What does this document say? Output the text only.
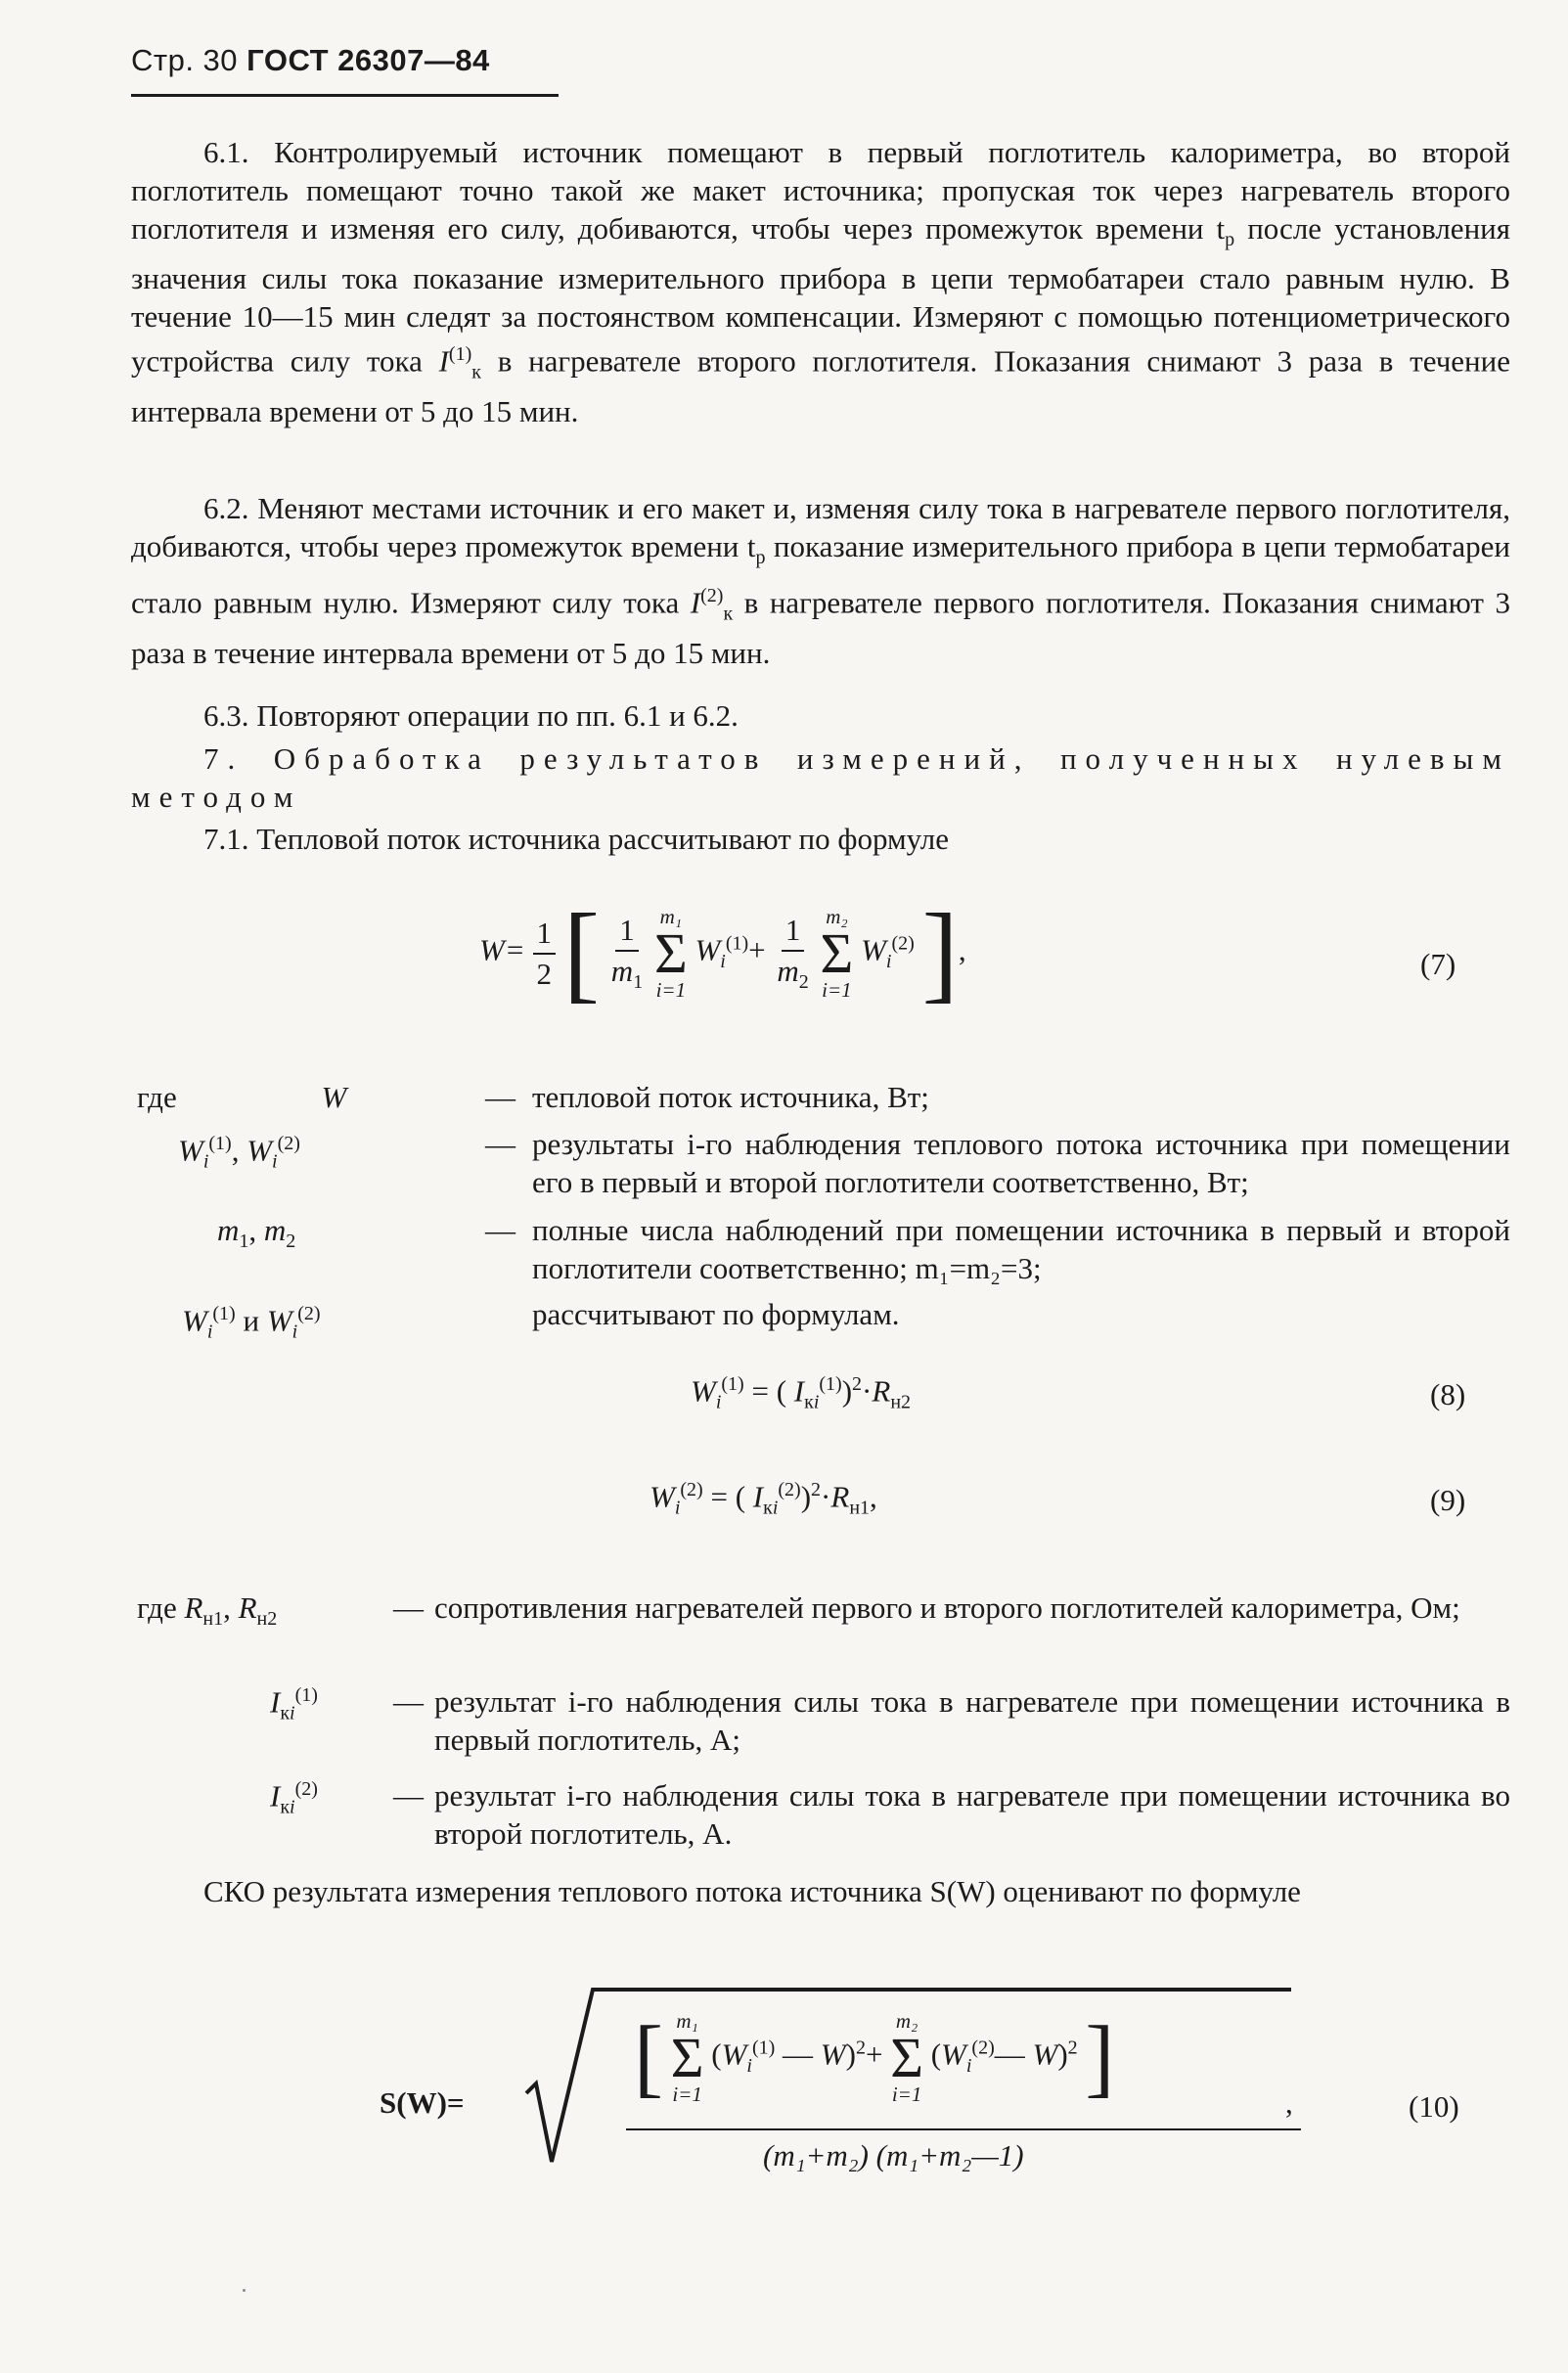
Стр. 30 ГОСТ 26307—84
6.1. Контролируемый источник помещают в первый поглотитель калориметра, во второй поглотитель помещают точно такой же макет источника; пропуская ток через нагреватель второго поглотителя и изменяя его силу, добиваются, чтобы через промежуток времени $t_р$ после установления значения силы тока показание измерительного прибора в цепи термобатареи стало равным нулю. В течение 10—15 мин следят за постоянством компенсации. Измеряют с помощью потенциометрического устройства силу тока $I^{(1)}_к$ в нагревателе второго поглотителя. Показания снимают 3 раза в течение интервала времени от 5 до 15 мин.
6.2. Меняют местами источник и его макет и, изменяя силу тока в нагревателе первого поглотителя, добиваются, чтобы через промежуток времени $t_р$ показание измерительного прибора в цепи термобатареи стало равным нулю. Измеряют силу тока $I^{(2)}_к$ в нагревателе первого поглотителя. Показания снимают 3 раза в течение интервала времени от 5 до 15 мин.
6.3. Повторяют операции по пп. 6.1 и 6.2.
7. Обработка результатов измерений, полученных нулевым методом
7.1. Тепловой поток источника рассчитывают по формуле
$W= \frac{1}{2}$ [ $\frac{1}{m_1}$
m₁
Σ
i=1
$W_i^{(1)}+ \frac{1}{m_2}$
m₂
Σ
i=1
$W_i^{(2)}$ ],	(7)
где	W	— тепловой поток источника, Вт;
$W_i^{(1)}$, $W_i^{(2)}$	— результаты i-го наблюдения теплового потока источника при помещении его в первый и второй поглотители соответственно, Вт;
$m_1$, $m_2$	— полные числа наблюдений при помещении источника в первый и второй поглотители соответственно; m₁=m₂=3;
$W_i^{(1)}$ и $W_i^{(2)}$	рассчитывают по формулам.
$W_i^{(1)}$ = ( $I_{кi}^{(1)})^2\cdot R_{н2}$	(8)
$W_i^{(2)}$ = ( $I_{кi}^{(2)})^2\cdot R_{н1}$,	(9)
где $R_{н1}$, $R_{н2}$	— сопротивления нагревателей первого и второго поглотителей калориметра, Ом;
$I_{кi}^{(1)}$ — результат i-го наблюдения силы тока в нагревателе при помещении источника в первый поглотитель, А;
$I_{кi}^{(2)}$ — результат i-го наблюдения силы тока в нагревателе при помещении источника во второй поглотитель, А.
СКО результата измерения теплового потока источника S(W) оценивают по формуле
S(W)= [ m₁
Σ
i=1
($W_i^{(1)}$ — W)$^2$+
m₂
Σ
i=1
($W_i^{(2)}—$ W)$^2$ ]
(m₁+m₂) (m₁+m₂—1)
,	(10)
